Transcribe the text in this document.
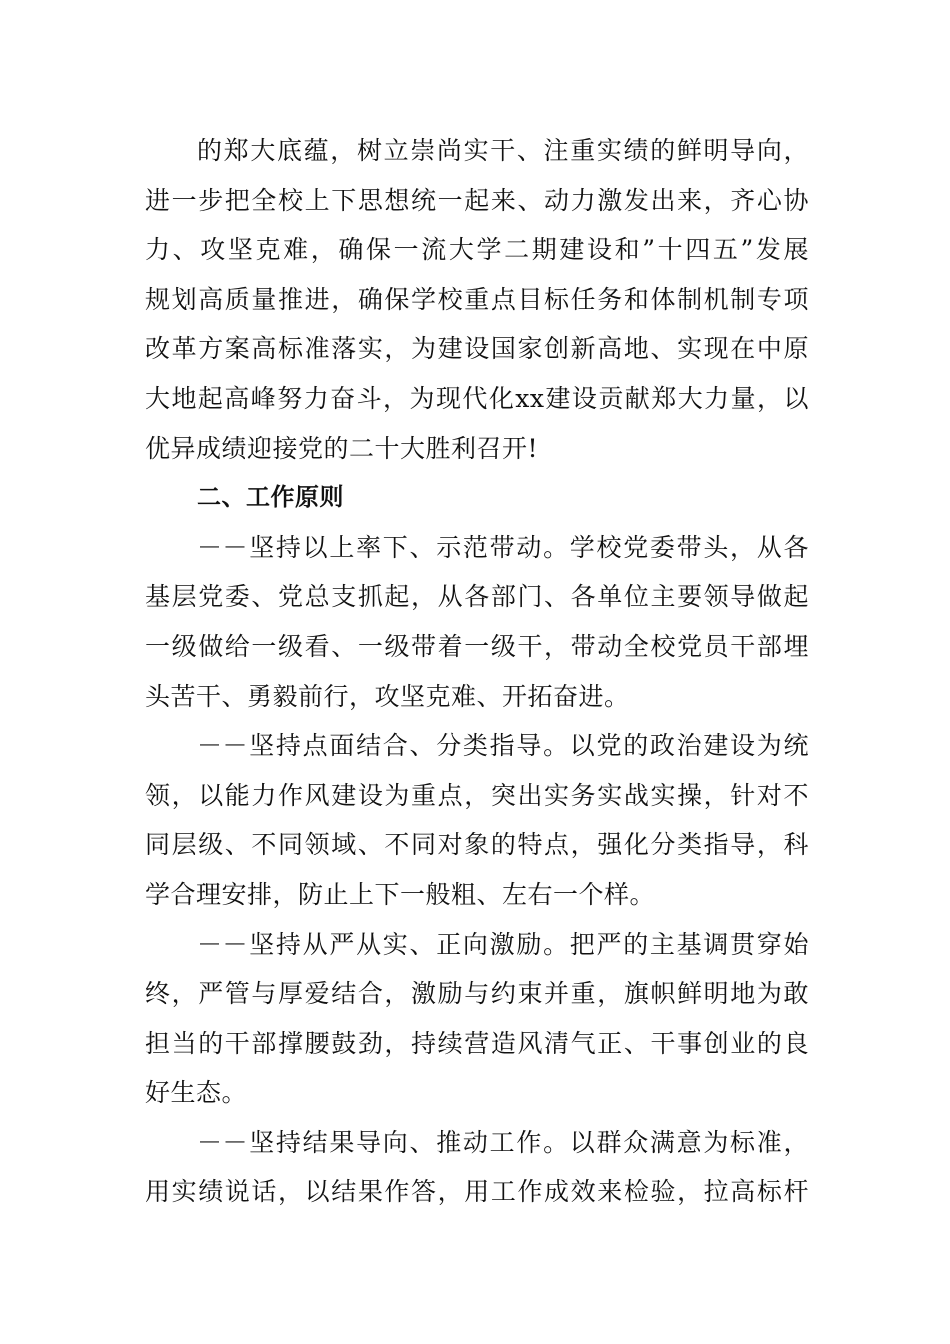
的郑大底蕴，树立崇尚实干、注重实绩的鲜明导向，
进一步把全校上下思想统一起来、动力激发出来，齐心协
力、攻坚克难，确保一流大学二期建设和”十四五”发展
规划高质量推进，确保学校重点目标任务和体制机制专项
改革方案高标准落实，为建设国家创新高地、实现在中原
大地起高峰努力奋斗，为现代化xx建设贡献郑大力量，以
优异成绩迎接党的二十大胜利召开!
二、工作原则
－－坚持以上率下、示范带动。学校党委带头，从各
基层党委、党总支抓起，从各部门、各单位主要领导做起
一级做给一级看、一级带着一级干，带动全校党员干部埋
头苦干、勇毅前行，攻坚克难、开拓奋进。
－－坚持点面结合、分类指导。以党的政治建设为统
领，以能力作风建设为重点，突出实务实战实操，针对不
同层级、不同领域、不同对象的特点，强化分类指导，科
学合理安排，防止上下一般粗、左右一个样。
－－坚持从严从实、正向激励。把严的主基调贯穿始
终，严管与厚爱结合，激励与约束并重，旗帜鲜明地为敢
担当的干部撑腰鼓劲，持续营造风清气正、干事创业的良
好生态。
－－坚持结果导向、推动工作。以群众满意为标准，
用实绩说话，以结果作答，用工作成效来检验，拉高标杆
